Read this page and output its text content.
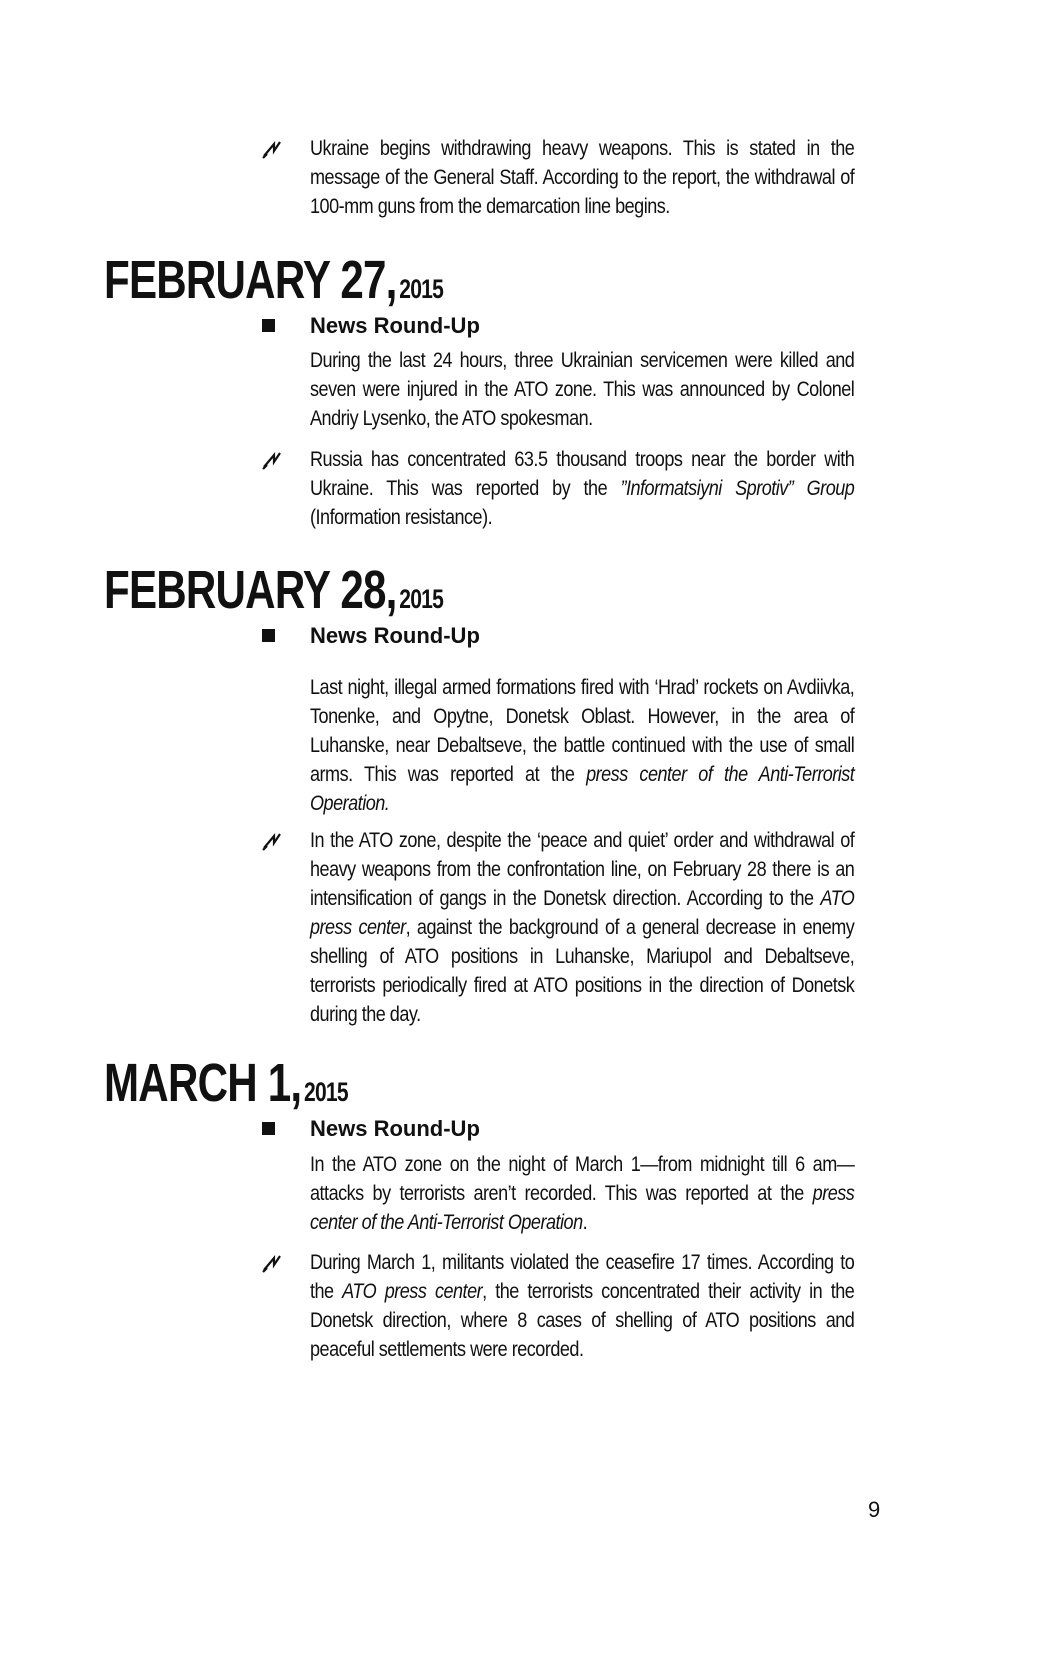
Ukraine begins withdrawing heavy weapons. This is stated in the message of the General Staff. According to the report, the withdrawal of 100-mm guns from the demarcation line begins.
FEBRUARY 27, 2015
News Round-Up
During the last 24 hours, three Ukrainian servicemen were killed and seven were injured in the ATO zone. This was announced by Colonel Andriy Lysenko, the ATO spokesman.
Russia has concentrated 63.5 thousand troops near the border with Ukraine. This was reported by the ”Informatsiyni Sprotiv” Group (Information resistance).
FEBRUARY 28, 2015
News Round-Up
Last night, illegal armed formations fired with ‘Hrad’ rockets on Avdiivka, Tonenke, and Opytne, Donetsk Oblast. However, in the area of Luhanske, near Debaltseve, the battle continued with the use of small arms. This was reported at the press center of the Anti-Terrorist Operation.
In the ATO zone, despite the ‘peace and quiet’ order and withdrawal of heavy weapons from the confrontation line, on February 28 there is an intensification of gangs in the Donetsk direction. According to the ATO press center, against the background of a general decrease in enemy shelling of ATO positions in Luhanske, Mariupol and Debaltseve, terrorists periodically fired at ATO positions in the direction of Donetsk during the day.
MARCH 1, 2015
News Round-Up
In the ATO zone on the night of March 1—from midnight till 6 am—attacks by terrorists aren’t recorded. This was reported at the press center of the Anti-Terrorist Operation.
During March 1, militants violated the ceasefire 17 times. According to the ATO press center, the terrorists concentrated their activity in the Donetsk direction, where 8 cases of shelling of ATO positions and peaceful settlements were recorded.
9
